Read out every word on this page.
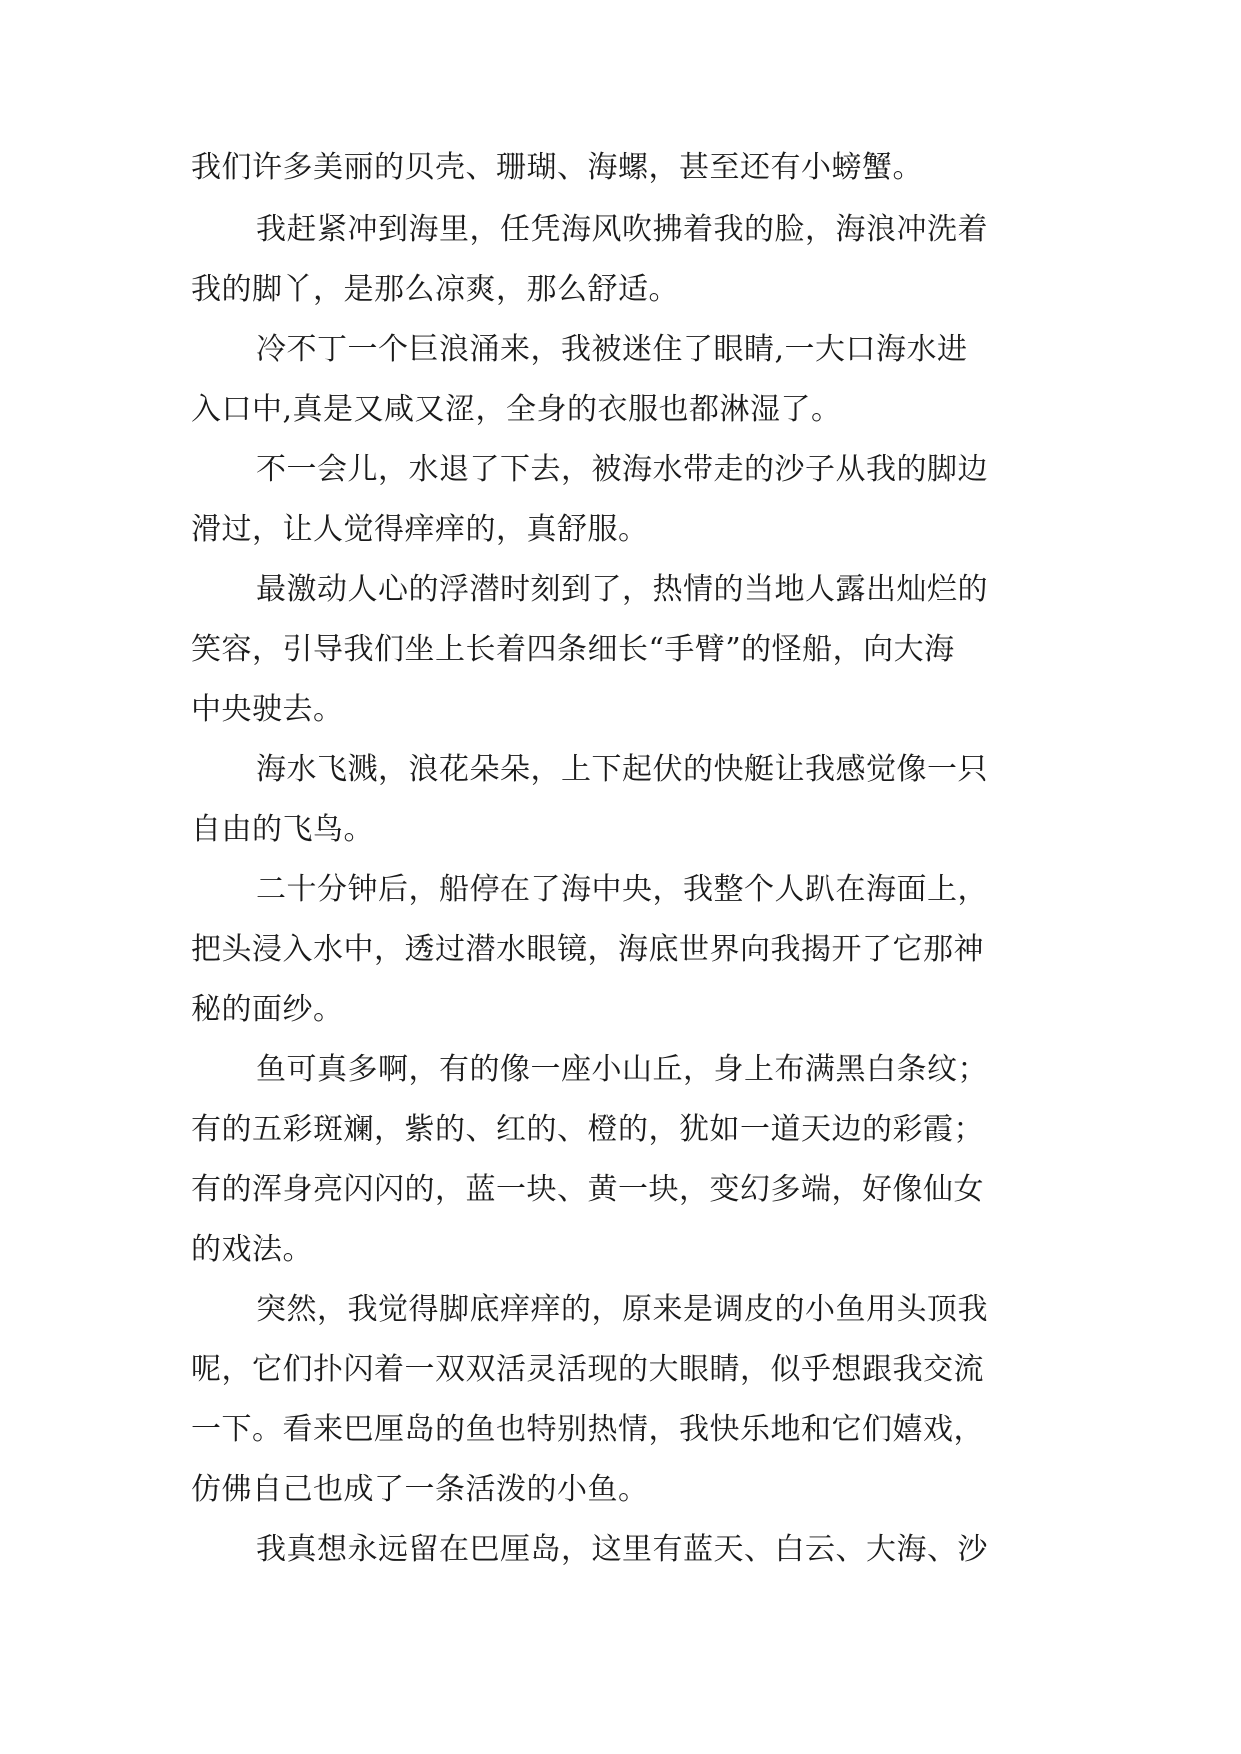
我们许多美丽的贝壳、珊瑚、海螺，甚至还有小螃蟹。
我赶紧冲到海里，任凭海风吹拂着我的脸，海浪冲洗着
我的脚丫，是那么凉爽，那么舒适。
冷不丁一个巨浪涌来，我被迷住了眼睛,一大口海水进
入口中,真是又咸又涩，全身的衣服也都淋湿了。
不一会儿，水退了下去，被海水带走的沙子从我的脚边
滑过，让人觉得痒痒的，真舒服。
最激动人心的浮潜时刻到了，热情的当地人露出灿烂的
笑容，引导我们坐上长着四条细长“手臂”的怪船，向大海
中央驶去。
海水飞溅，浪花朵朵，上下起伏的快艇让我感觉像一只
自由的飞鸟。
二十分钟后，船停在了海中央，我整个人趴在海面上，
把头浸入水中，透过潜水眼镜，海底世界向我揭开了它那神
秘的面纱。
鱼可真多啊，有的像一座小山丘，身上布满黑白条纹；
有的五彩斑斓，紫的、红的、橙的，犹如一道天边的彩霞；
有的浑身亮闪闪的，蓝一块、黄一块，变幻多端，好像仙女
的戏法。
突然，我觉得脚底痒痒的，原来是调皮的小鱼用头顶我
呢，它们扑闪着一双双活灵活现的大眼睛，似乎想跟我交流
一下。看来巴厘岛的鱼也特别热情，我快乐地和它们嬉戏，
仿佛自己也成了一条活泼的小鱼。
我真想永远留在巴厘岛，这里有蓝天、白云、大海、沙
